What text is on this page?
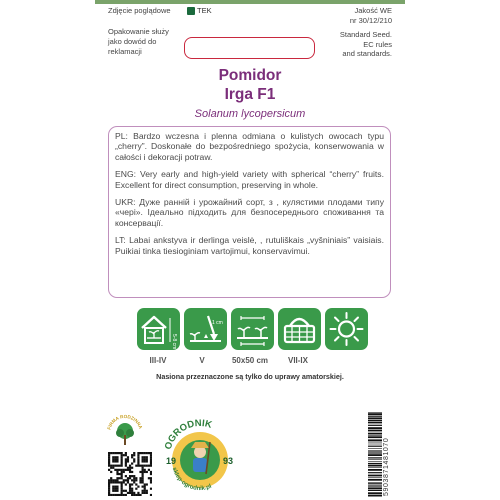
Zdjęcie poglądowe
Opakowanie służy jako dowód do reklamacji
TEK	Jakość WE
nr 30/12/210
Standard Seed.
EC rules
and standards.
Pomidor
Irga F1
Solanum lycopersicum

PL: Bardzo wczesna i plenna odmiana o kulistych owocach typu „cherry”. Doskonałe do bezpośredniego spożycia, konserwowania w całości i dekoracji potraw.

ENG: Very early and high-yield variety with spherical “cherry” fruits. Excellent for direct consumption, preserving in whole.

UKR: Дуже ранній і урожайний сорт, з , кулястими плодами типу «черi». Ідеально підходить для безпосереднього споживання та консервації.

LT: Labai ankstyva ir derlinga veislė, , rutuliškais „vyšniniais” vaisiais. Puikiai tinka tiesioginiam vartojimui, konservavimui.

5-8 cm
1 cm
III-IV	V	50x50 cm	VII-IX
Nasiona przeznaczone są tylko do uprawy amatorskiej.
FIRMA RODZINNA
OGRODNIK
19	93
sklep-ogrodnik.pl	5903871481070
